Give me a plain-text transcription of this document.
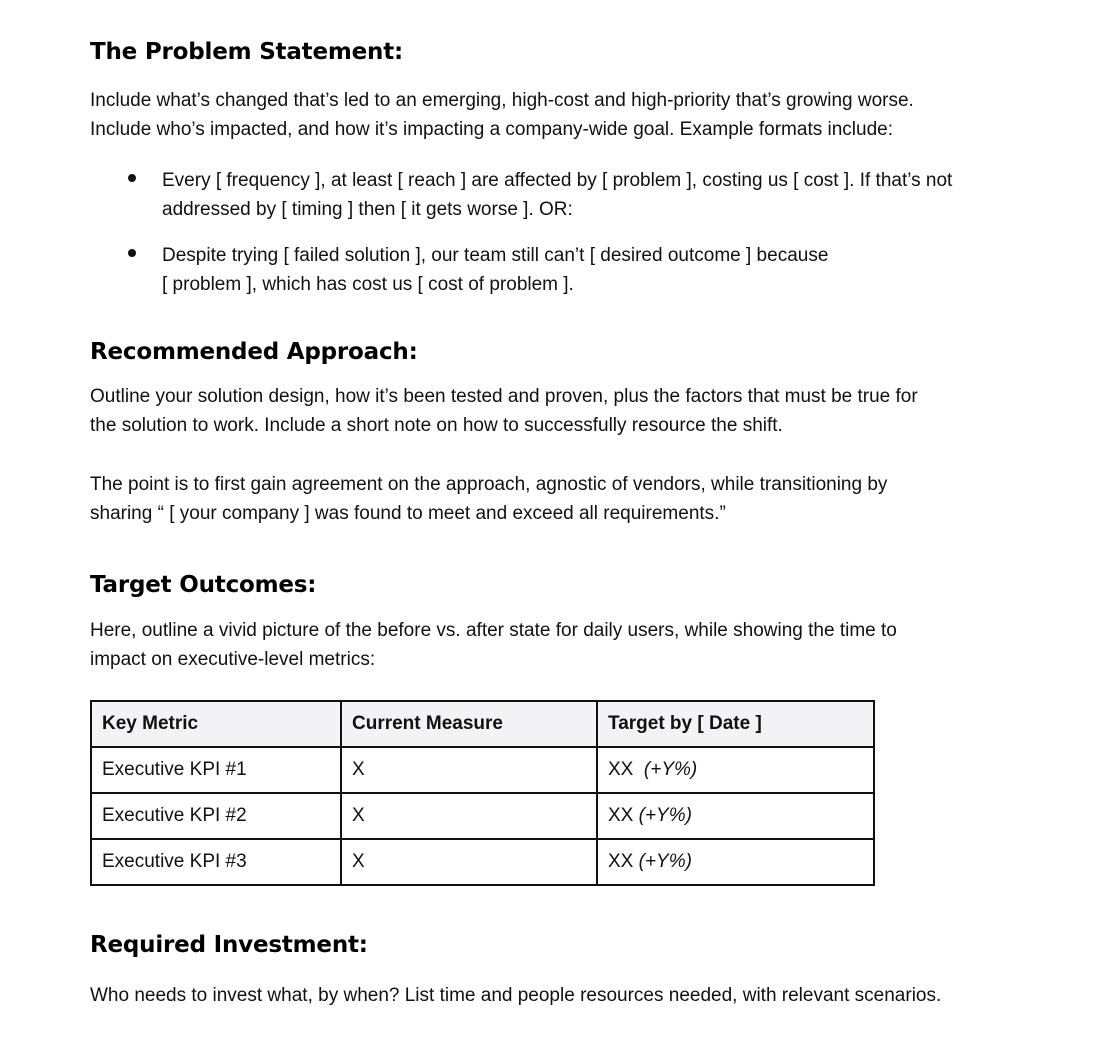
The Problem Statement:

Include what’s changed that’s led to an emerging, high-cost and high-priority that’s growing worse.
Include who’s impacted, and how it’s impacting a company-wide goal. Example formats include:

Every [ frequency ], at least [ reach ] are affected by [ problem ], costing us [ cost ]. If that’s not
addressed by [ timing ] then [ it gets worse ]. OR:
Despite trying [ failed solution ], our team still can’t [ desired outcome ] because
[ problem ], which has cost us [ cost of problem ].
Recommended Approach:

Outline your solution design, how it’s been tested and proven, plus the factors that must be true for
the solution to work. Include a short note on how to successfully resource the shift.

The point is to first gain agreement on the approach, agnostic of vendors, while transitioning by
sharing “ [ your company ] was found to meet and exceed all requirements.”

Target Outcomes:

Here, outline a vivid picture of the before vs. after state for daily users, while showing the time to
impact on executive-level metrics:

Key Metric	Current Measure	Target by [ Date ]
Executive KPI #1	X	XX  (+Y%)
Executive KPI #2	X	XX (+Y%)
Executive KPI #3	X	XX (+Y%)
Required Investment:

Who needs to invest what, by when? List time and people resources needed, with relevant scenarios.
